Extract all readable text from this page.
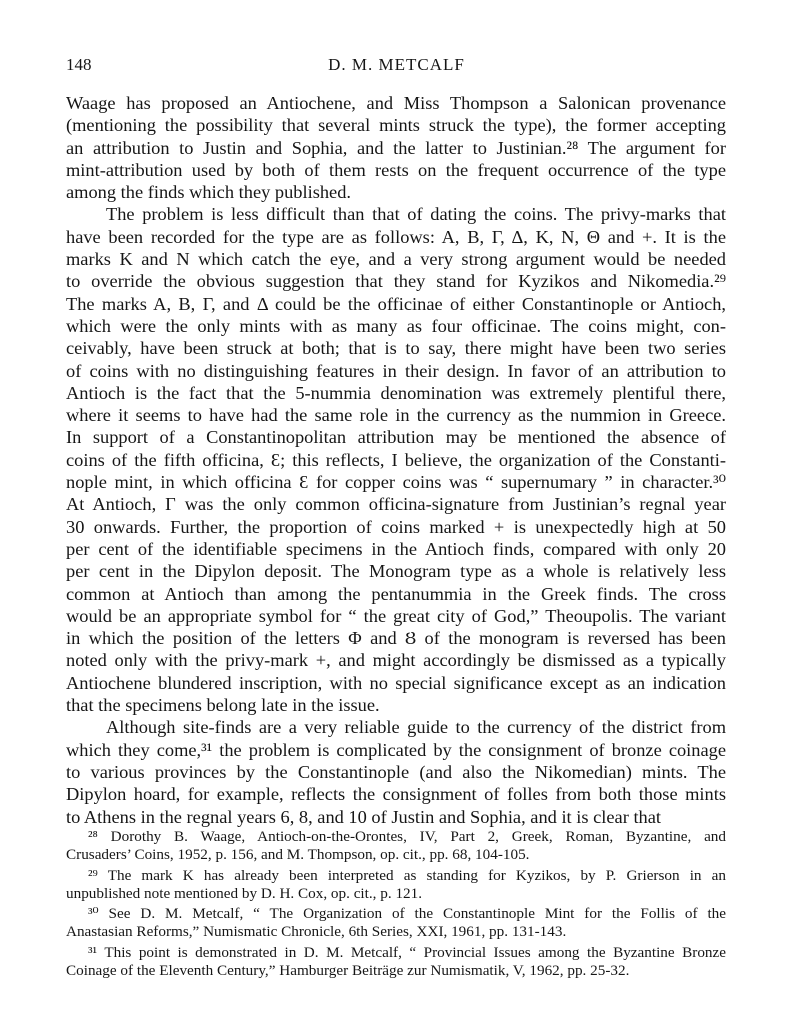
148	D. M. METCALF

Waage has proposed an Antiochene, and Miss Thompson a Salonican provenance
(mentioning the possibility that several mints struck the type), the former accepting
an attribution to Justin and Sophia, and the latter to Justinian.²⁸ The argument for
mint-attribution used by both of them rests on the frequent occurrence of the type
among the finds which they published.

The problem is less difficult than that of dating the coins. The privy-marks that
have been recorded for the type are as follows: A, B, Γ, Δ, K, N, Θ and +. It is the
marks K and N which catch the eye, and a very strong argument would be needed
to override the obvious suggestion that they stand for Kyzikos and Nikomedia.²⁹
The marks A, B, Γ, and Δ could be the officinae of either Constantinople or Antioch,
which were the only mints with as many as four officinae. The coins might, con-
ceivably, have been struck at both; that is to say, there might have been two series
of coins with no distinguishing features in their design. In favor of an attribution to
Antioch is the fact that the 5-nummia denomination was extremely plentiful there,
where it seems to have had the same role in the currency as the nummion in Greece.
In support of a Constantinopolitan attribution may be mentioned the absence of
coins of the fifth officina, Ɛ; this reflects, I believe, the organization of the Constanti-
nople mint, in which officina Ɛ for copper coins was “ supernumary ” in character.³⁰
At Antioch, Γ was the only common officina-signature from Justinian’s regnal year
30 onwards. Further, the proportion of coins marked + is unexpectedly high at 50
per cent of the identifiable specimens in the Antioch finds, compared with only 20
per cent in the Dipylon deposit. The Monogram type as a whole is relatively less
common at Antioch than among the pentanummia in the Greek finds. The cross
would be an appropriate symbol for “ the great city of God,” Theoupolis. The variant
in which the position of the letters Φ and Ȣ of the monogram is reversed has been
noted only with the privy-mark +, and might accordingly be dismissed as a typically
Antiochene blundered inscription, with no special significance except as an indication
that the specimens belong late in the issue.

Although site-finds are a very reliable guide to the currency of the district from
which they come,³¹ the problem is complicated by the consignment of bronze coinage
to various provinces by the Constantinople (and also the Nikomedian) mints. The
Dipylon hoard, for example, reflects the consignment of folles from both those mints
to Athens in the regnal years 6, 8, and 10 of Justin and Sophia, and it is clear that

²⁸ Dorothy B. Waage, Antioch-on-the-Orontes, IV, Part 2, Greek, Roman, Byzantine, and
Crusaders’ Coins, 1952, p. 156, and M. Thompson, op. cit., pp. 68, 104-105.
²⁹ The mark K has already been interpreted as standing for Kyzikos, by P. Grierson in an
unpublished note mentioned by D. H. Cox, op. cit., p. 121.
³⁰ See D. M. Metcalf, “ The Organization of the Constantinople Mint for the Follis of the
Anastasian Reforms,” Numismatic Chronicle, 6th Series, XXI, 1961, pp. 131-143.
³¹ This point is demonstrated in D. M. Metcalf, “ Provincial Issues among the Byzantine Bronze
Coinage of the Eleventh Century,” Hamburger Beiträge zur Numismatik, V, 1962, pp. 25-32.
